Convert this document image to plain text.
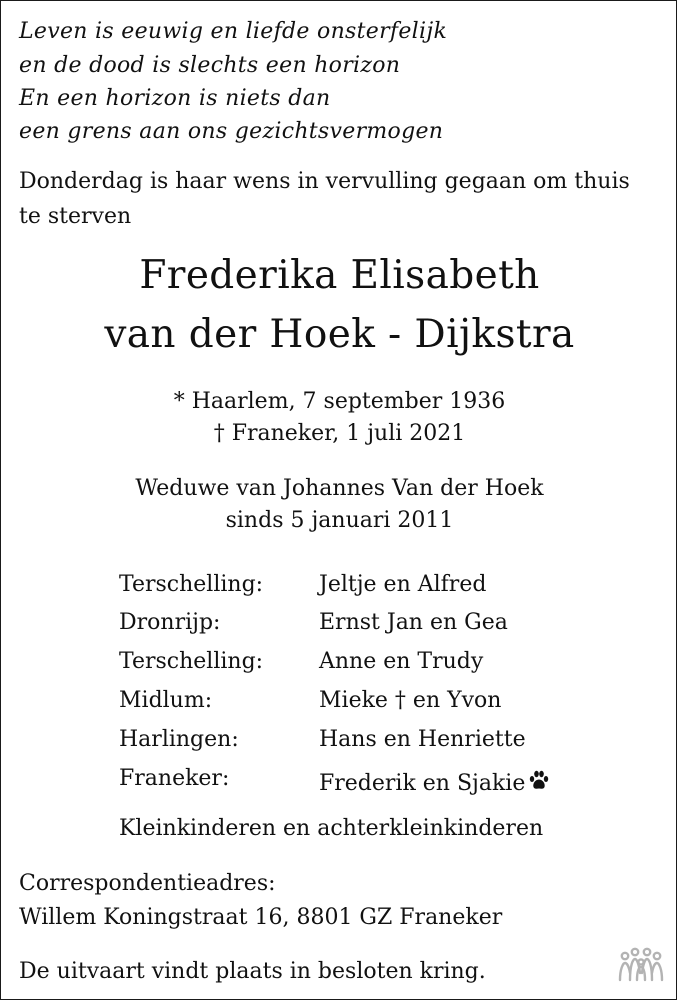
Leven is eeuwig en liefde onsterfelijk
en de dood is slechts een horizon
En een horizon is niets dan
een grens aan ons gezichtsvermogen
Donderdag is haar wens in vervulling gegaan om thuis
te sterven
Frederika Elisabeth
van der Hoek - Dijkstra
* Haarlem, 7 september 1936
† Franeker, 1 juli 2021
Weduwe van Johannes Van der Hoek
sinds 5 januari 2011
Terschelling:	Jeltje en Alfred
Dronrijp:	Ernst Jan en Gea
Terschelling:	Anne en Trudy
Midlum:	Mieke † en Yvon
Harlingen:	Hans en Henriette
Franeker:	Frederik en Sjakie
Kleinkinderen en achterkleinkinderen
Correspondentieadres:
Willem Koningstraat 16, 8801 GZ Franeker
De uitvaart vindt plaats in besloten kring.
